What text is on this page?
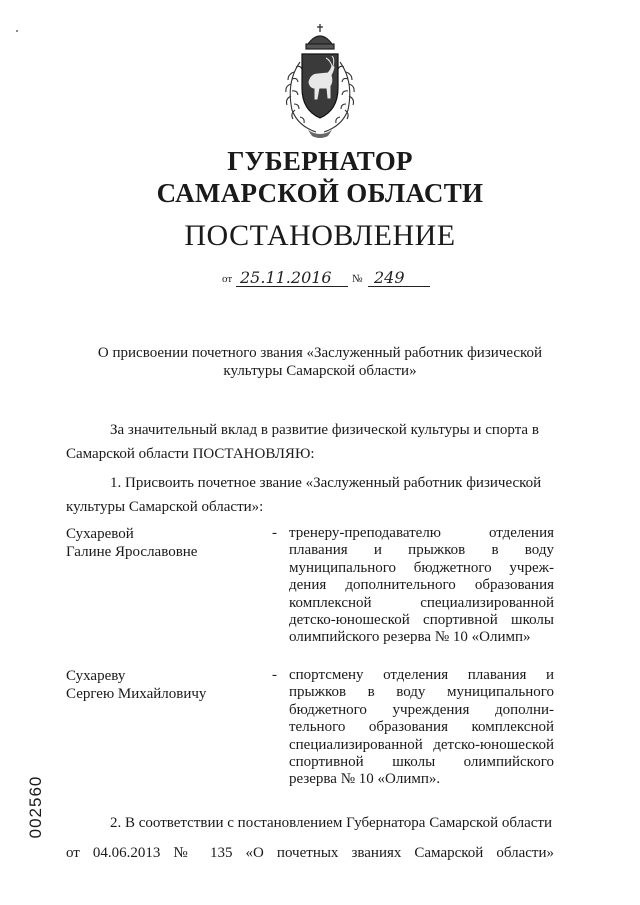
ГУБЕРНАТОР
САМАРСКОЙ ОБЛАСТИ
ПОСТАНОВЛЕНИЕ
от 25.11.2016 № 249
О присвоении почетного звания «Заслуженный работник физической
культуры Самарской области»
За значительный вклад в развитие физической культуры и спорта в
Самарской области ПОСТАНОВЛЯЮ:
1. Присвоить почетное звание «Заслуженный работник физической
культуры Самарской области»:
Сухаревой
Галине Ярославовне
- тренеру-преподавателю отделения
плавания и прыжков в воду
муниципального бюджетного учреж-
дения дополнительного образования
комплексной специализированной
детско-юношеской спортивной школы
олимпийского резерва № 10 «Олимп»
Сухареву
Сергею Михайловичу
- спортсмену отделения плавания и
прыжков в воду муниципального
бюджетного учреждения дополни-
тельного образования комплексной
специализированной детско-юношеской
спортивной школы олимпийского
резерва № 10 «Олимп».
2. В соответствии с постановлением Губернатора Самарской области
от 04.06.2013 № 135 «О почетных званиях Самарской области»
002560
